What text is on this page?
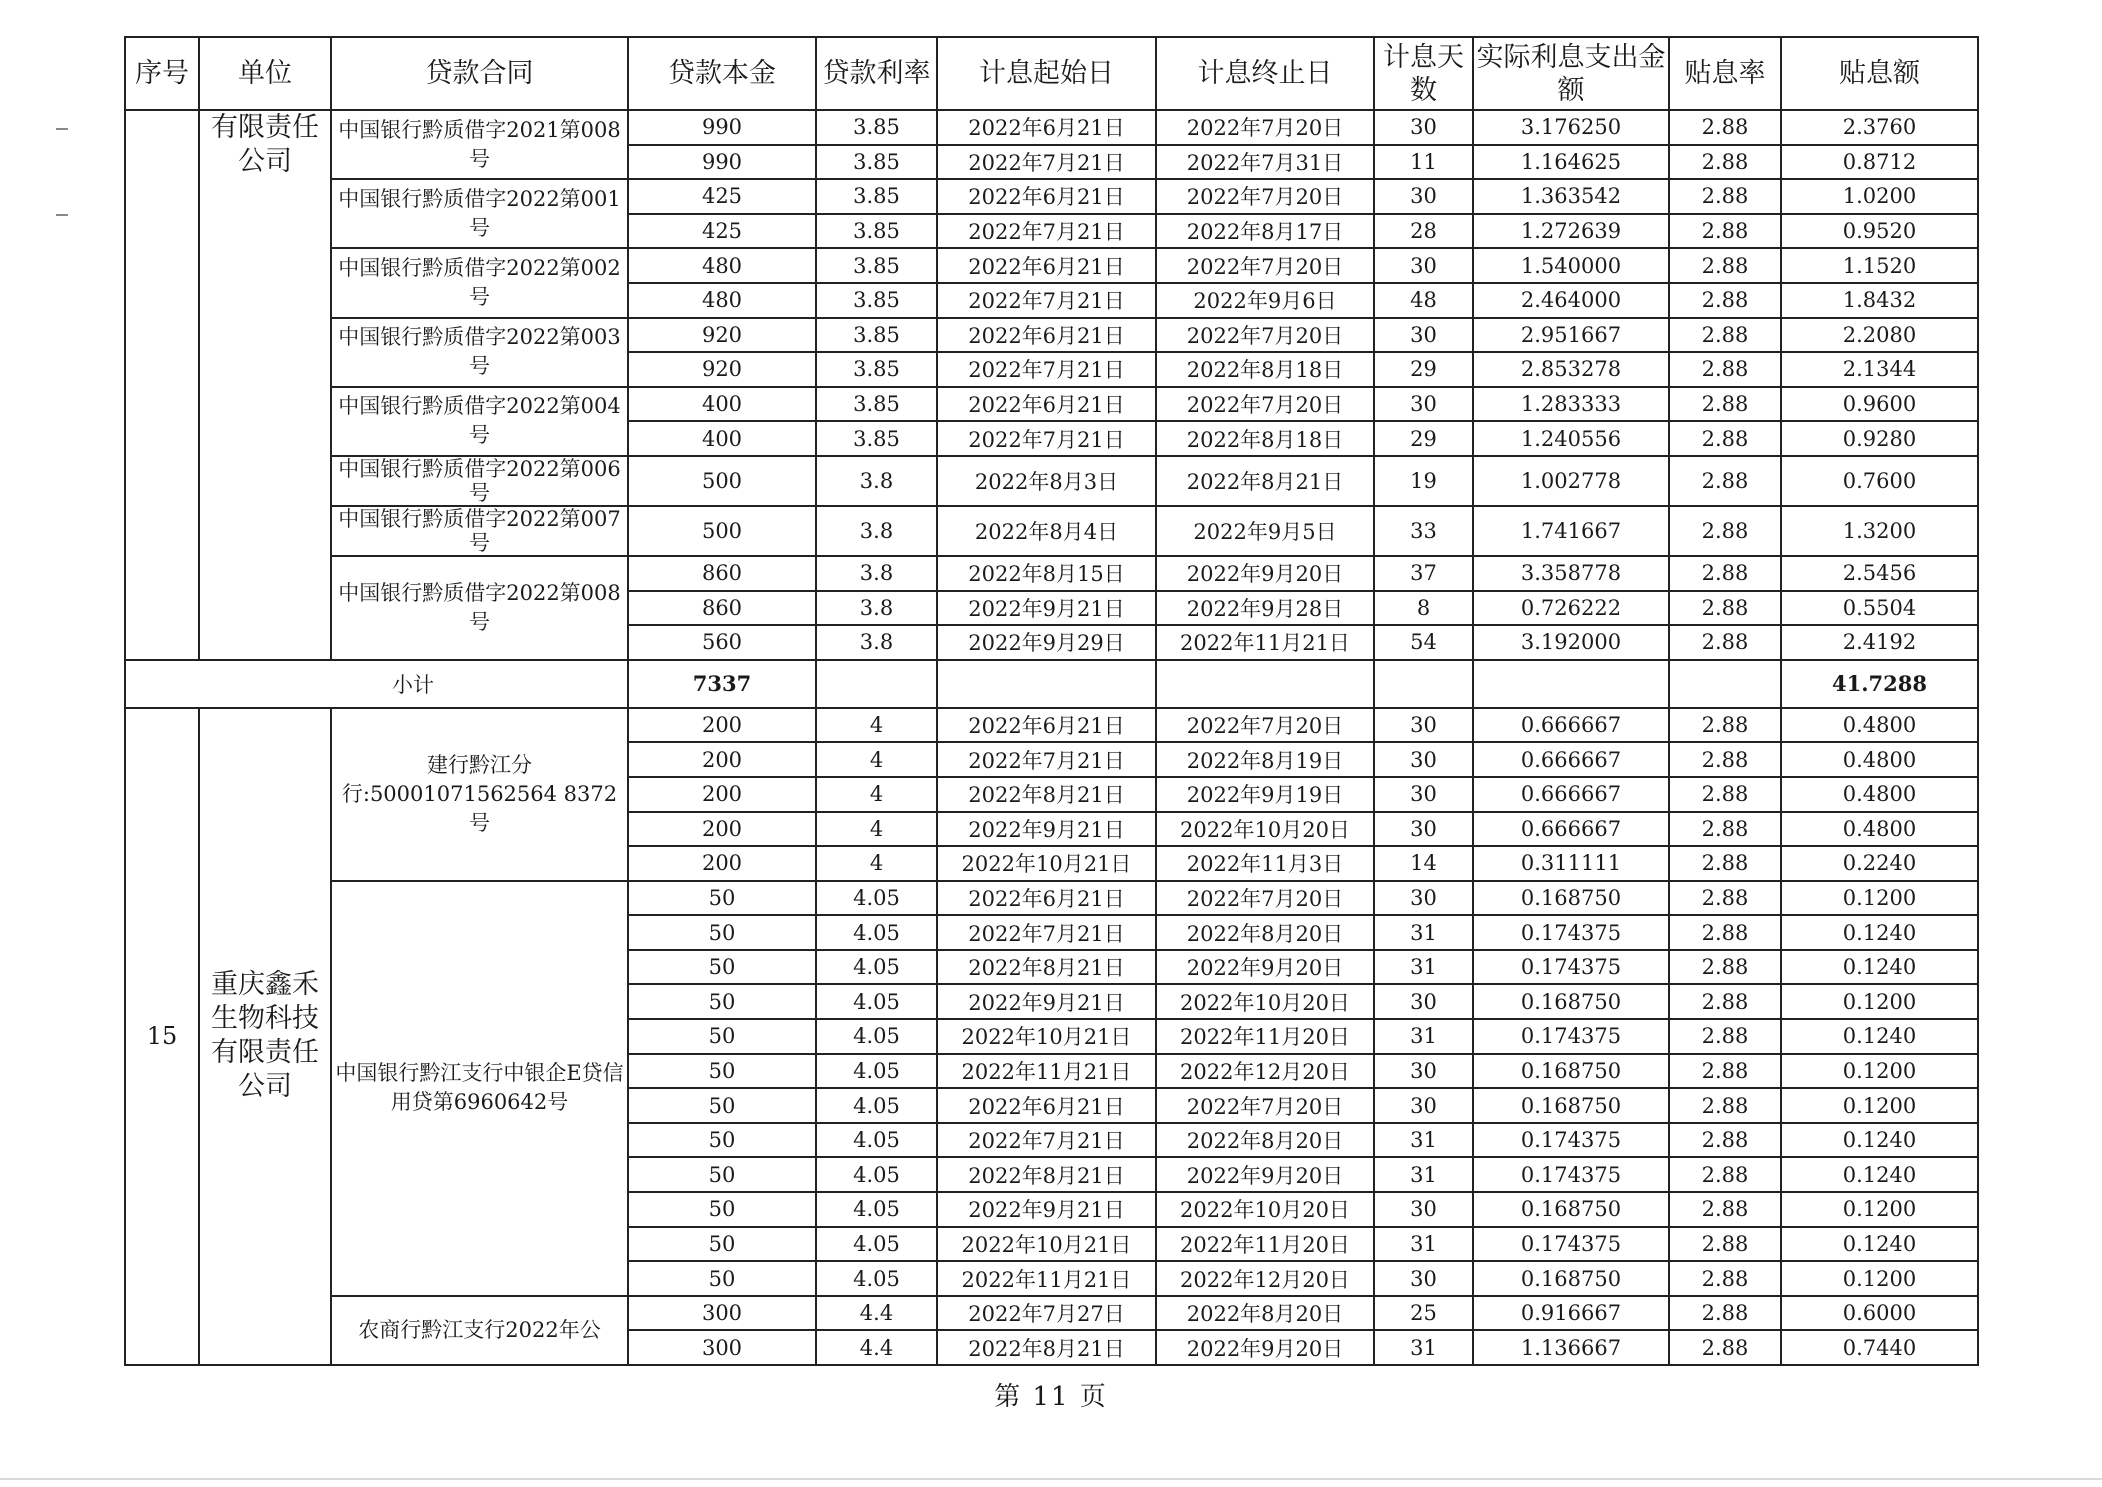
序号	单位	贷款合同	贷款本金	贷款利率	计息起始日	计息终止日	计息天数	实际利息支出金额	贴息率	贴息额
	有限责任公司	中国银行黔质借字2021第008号	990	3.85	2022年6月21日	2022年7月20日	30	3.176250	2.88	2.3760
			990	3.85	2022年7月21日	2022年7月31日	11	1.164625	2.88	0.8712
		中国银行黔质借字2022第001号	425	3.85	2022年6月21日	2022年7月20日	30	1.363542	2.88	1.0200
			425	3.85	2022年7月21日	2022年8月17日	28	1.272639	2.88	0.9520
		中国银行黔质借字2022第002号	480	3.85	2022年6月21日	2022年7月20日	30	1.540000	2.88	1.1520
			480	3.85	2022年7月21日	2022年9月6日	48	2.464000	2.88	1.8432
		中国银行黔质借字2022第003号	920	3.85	2022年6月21日	2022年7月20日	30	2.951667	2.88	2.2080
			920	3.85	2022年7月21日	2022年8月18日	29	2.853278	2.88	2.1344
		中国银行黔质借字2022第004号	400	3.85	2022年6月21日	2022年7月20日	30	1.283333	2.88	0.9600
			400	3.85	2022年7月21日	2022年8月18日	29	1.240556	2.88	0.9280
		中国银行黔质借字2022第006号	500	3.8	2022年8月3日	2022年8月21日	19	1.002778	2.88	0.7600
		中国银行黔质借字2022第007号	500	3.8	2022年8月4日	2022年9月5日	33	1.741667	2.88	1.3200
		中国银行黔质借字2022第008号	860	3.8	2022年8月15日	2022年9月20日	37	3.358778	2.88	2.5456
			860	3.8	2022年9月21日	2022年9月28日	8	0.726222	2.88	0.5504
			560	3.8	2022年9月29日	2022年11月21日	54	3.192000	2.88	2.4192
	小计		7337							41.7288
15	重庆鑫禾生物科技有限责任公司	建行黔江分行:50001071562564 8372号	200	4	2022年6月21日	2022年7月20日	30	0.666667	2.88	0.4800
			200	4	2022年7月21日	2022年8月19日	30	0.666667	2.88	0.4800
			200	4	2022年8月21日	2022年9月19日	30	0.666667	2.88	0.4800
			200	4	2022年9月21日	2022年10月20日	30	0.666667	2.88	0.4800
			200	4	2022年10月21日	2022年11月3日	14	0.311111	2.88	0.2240
		中国银行黔江支行中银企E贷信用贷第6960642号	50	4.05	2022年6月21日	2022年7月20日	30	0.168750	2.88	0.1200
			50	4.05	2022年7月21日	2022年8月20日	31	0.174375	2.88	0.1240
			50	4.05	2022年8月21日	2022年9月20日	31	0.174375	2.88	0.1240
			50	4.05	2022年9月21日	2022年10月20日	30	0.168750	2.88	0.1200
			50	4.05	2022年10月21日	2022年11月20日	31	0.174375	2.88	0.1240
			50	4.05	2022年11月21日	2022年12月20日	30	0.168750	2.88	0.1200
			50	4.05	2022年6月21日	2022年7月20日	30	0.168750	2.88	0.1200
			50	4.05	2022年7月21日	2022年8月20日	31	0.174375	2.88	0.1240
			50	4.05	2022年8月21日	2022年9月20日	31	0.174375	2.88	0.1240
			50	4.05	2022年9月21日	2022年10月20日	30	0.168750	2.88	0.1200
			50	4.05	2022年10月21日	2022年11月20日	31	0.174375	2.88	0.1240
			50	4.05	2022年11月21日	2022年12月20日	30	0.168750	2.88	0.1200
		农商行黔江支行2022年公	300	4.4	2022年7月27日	2022年8月20日	25	0.916667	2.88	0.6000
			300	4.4	2022年8月21日	2022年9月20日	31	1.136667	2.88	0.7440
第 11 页
